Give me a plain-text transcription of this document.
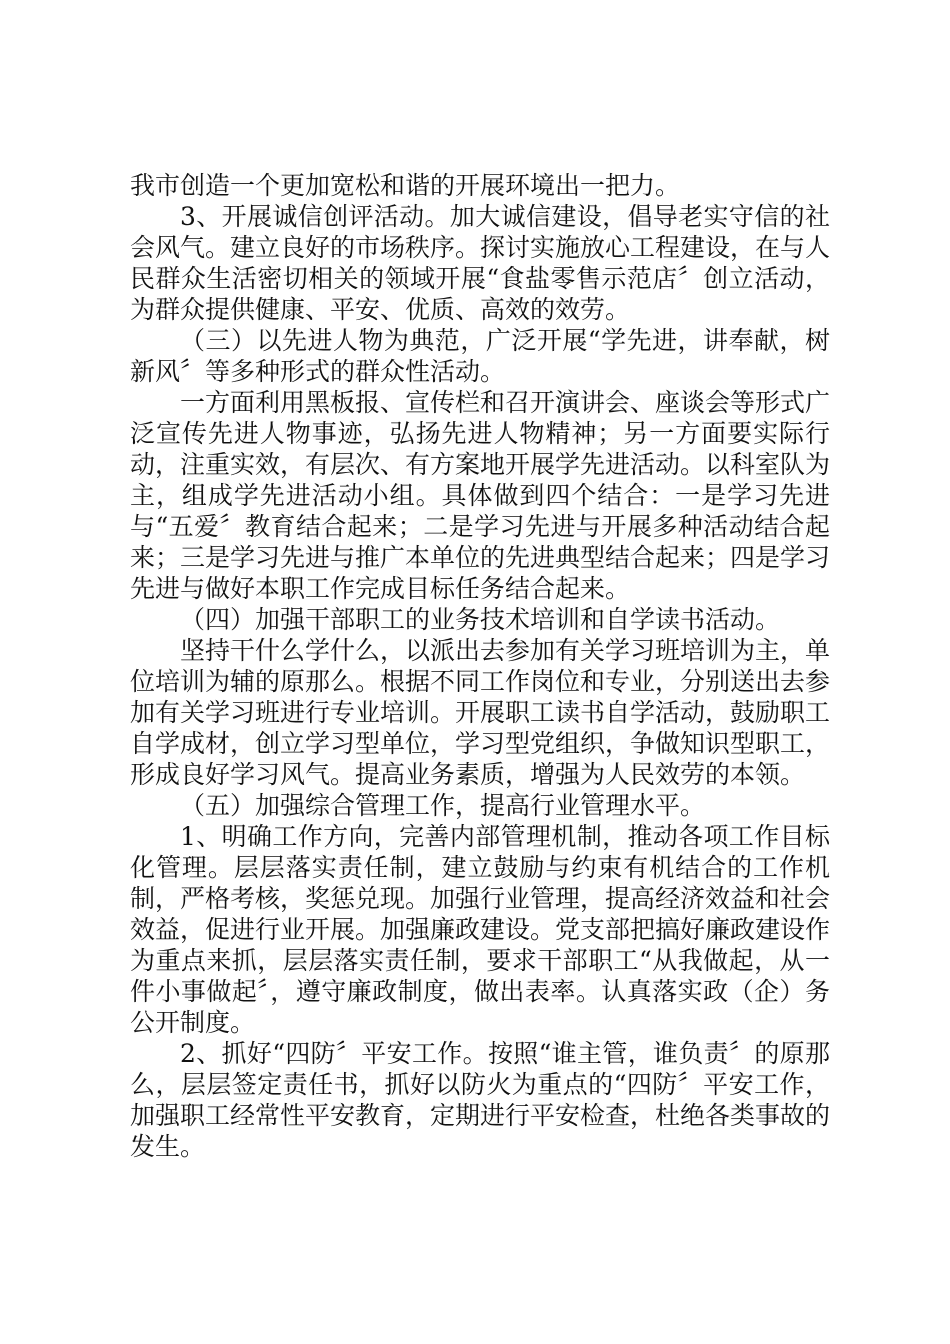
我市创造一个更加宽松和谐的开展环境出一把力。

3、开展诚信创评活动。加大诚信建设，倡导老实守信的社会风气。建立良好的市场秩序。探讨实施放心工程建设，在与人民群众生活密切相关的领域开展“食盐零售示范店〞创立活动，为群众提供健康、平安、优质、高效的效劳。

（三）以先进人物为典范，广泛开展“学先进，讲奉献，树新风〞等多种形式的群众性活动。

一方面利用黑板报、宣传栏和召开演讲会、座谈会等形式广泛宣传先进人物事迹，弘扬先进人物精神；另一方面要实际行动，注重实效，有层次、有方案地开展学先进活动。以科室队为主，组成学先进活动小组。具体做到四个结合：一是学习先进与“五爱〞教育结合起来；二是学习先进与开展多种活动结合起来；三是学习先进与推广本单位的先进典型结合起来；四是学习先进与做好本职工作完成目标任务结合起来。

（四）加强干部职工的业务技术培训和自学读书活动。

坚持干什么学什么，以派出去参加有关学习班培训为主，单位培训为辅的原那么。根据不同工作岗位和专业，分别送出去参加有关学习班进行专业培训。开展职工读书自学活动，鼓励职工自学成材，创立学习型单位，学习型党组织，争做知识型职工，形成良好学习风气。提高业务素质，增强为人民效劳的本领。

（五）加强综合管理工作，提高行业管理水平。

1、明确工作方向，完善内部管理机制，推动各项工作目标化管理。层层落实责任制，建立鼓励与约束有机结合的工作机制，严格考核，奖惩兑现。加强行业管理，提高经济效益和社会效益，促进行业开展。加强廉政建设。党支部把搞好廉政建设作为重点来抓，层层落实责任制，要求干部职工“从我做起，从一件小事做起〞，遵守廉政制度，做出表率。认真落实政（企）务公开制度。

2、抓好“四防〞平安工作。按照“谁主管，谁负责〞的原那么，层层签定责任书，抓好以防火为重点的“四防〞平安工作，加强职工经常性平安教育，定期进行平安检查，杜绝各类事故的发生。
